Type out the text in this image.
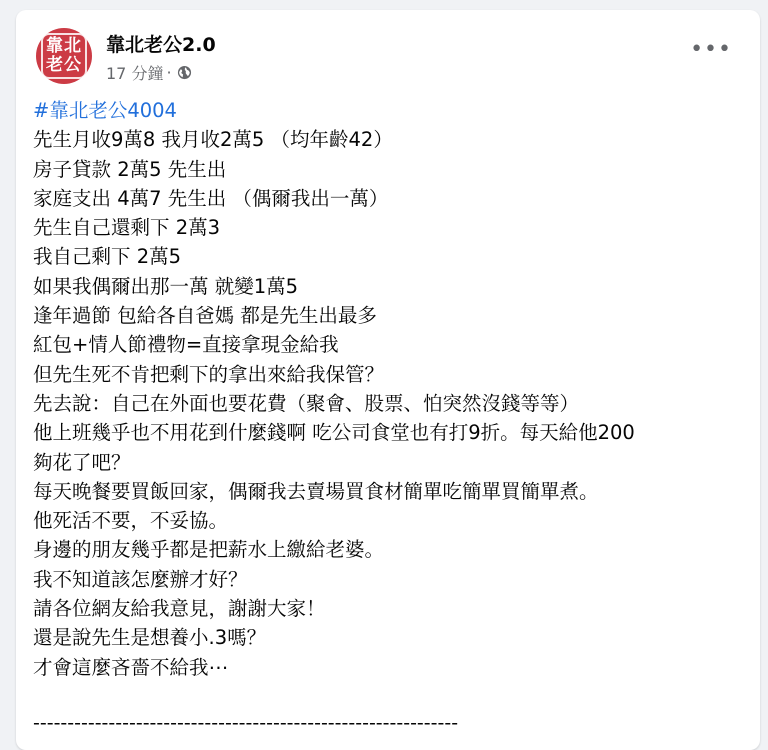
靠北
老公
靠北老公2.0
17 分鐘 ·
•••
#靠北老公4004
先生月收9萬8 我月收2萬5 （均年齡42）
房子貸款 2萬5 先生出
家庭支出 4萬7 先生出 （偶爾我出一萬）
先生自己還剩下 2萬3
我自己剩下 2萬5
如果我偶爾出那一萬 就變1萬5
逢年過節 包給各自爸媽 都是先生出最多
紅包+情人節禮物=直接拿現金給我
但先生死不肯把剩下的拿出來給我保管？
先去說：自己在外面也要花費（聚會、股票、怕突然沒錢等等）
他上班幾乎也不用花到什麼錢啊 吃公司食堂也有打9折。每天給他200
夠花了吧？
每天晚餐要買飯回家，偶爾我去賣場買食材簡單吃簡單買簡單煮。
他死活不要，不妥協。
身邊的朋友幾乎都是把薪水上繳給老婆。
我不知道該怎麼辦才好？
請各位網友給我意見，謝謝大家！
還是說先生是想養小.3嗎？
才會這麼吝嗇不給我⋯
--------------------------------------------------------------
